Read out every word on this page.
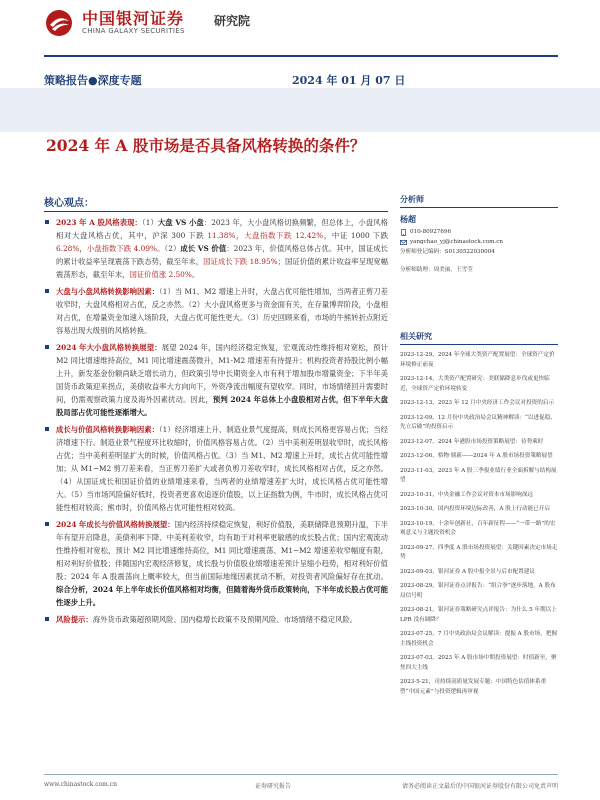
中国银河证券
CHINA GALAXY SECURITIES
研究院
策略报告●深度专题	2024 年 01 月 07 日
2024 年 A 股市场是否具备风格转换的条件？
核心观点：
2023 年 A 股风格表现：（1）大盘 VS 小盘：2023 年，大小盘风格切换频繁，但总体上，小盘风格相对大盘风格占优，其中，沪深 300 下跌 11.38%，大盘指数下跌 12.42%，中证 1000 下跌 6.28%，小盘指数下跌 4.09%。（2）成长 VS 价值：2023 年，价值风格总体占优。其中，国证成长的累计收益率呈现震荡下跌态势，截至年末，国证成长下跌 18.95%；国证价值的累计收益率呈现宽幅震荡形态，截至年末，国证价值涨 2.50%。
大盘与小盘风格转换影响因素：（1）当 M1、M2 增速上升时，大盘占优可能性增加，当两者正剪刀差收窄时，大盘风格相对占优，反之亦然。（2）大小盘风格更多与资金面有关，在存量博弈阶段，小盘相对占优，在增量资金加速入场阶段，大盘占优可能性更大。（3）历史回顾来看，市场的牛熊转折点附近容易出现大级别的风格转换。
2024 年大小盘风格转换展望：展望 2024 年，国内经济稳定恢复，宏观流动性维持相对宽松，预计 M2 同比增速维持高位，M1 同比增速震荡微升，M1-M2 增速差有待提升；机构投资者持股比例小幅上升，新发基金份额尚缺乏增长动力，但政策引导中长期资金入市有利于增加股市增量资金；下半年美国货币政策迎来拐点，美债收益率大方向向下，外资净流出幅度有望收窄。同时，市场情绪回升需要时间，仍需观察政策力度及海外因素扰动。因此，预判 2024 年总体上小盘股相对占优，但下半年大盘股局部占优可能性逐渐增大。
成长与价值风格转换影响因素：（1）经济增速上升、制造业景气度提高，则成长风格更容易占优；当经济增速下行、制造业景气程度环比收缩时，价值风格容易占优。（2）当中美利差明显收窄时，成长风格占优；当中美利差明显扩大的时候，价值风格占优。（3）当 M1、M2 增速上升时，成长占优可能性增加；从 M1−M2 剪刀差来看，当正剪刀差扩大或者负剪刀差收窄时，成长风格相对占优，反之亦然。（4）从国证成长和国证价值的业绩增速来看，当两者的业绩增速差扩大时，成长风格占优可能性增大。（5）当市场风险偏好低时，投资者更喜欢追逐价值股，以上证指数为例，牛市时，成长风格占优可能性相对较高；熊市时，价值风格占优可能性相对较高。
2024 年成长与价值风格转换展望：国内经济持续稳定恢复，利好价值股，美联储降息预期升温，下半年有望开启降息，美债利率下降、中美利差收窄，均有助于对利率更敏感的成长股占优；国内宏观流动性维持相对宽松，预计 M2 同比增速维持高位，M1 同比增速震荡、M1−M2 增速差收窄幅度有限，相对利好价值股；伴随国内宏观经济修复，成长股与价值股业绩增速差预计呈缩小趋势，相对利好价值股；2024 年 A 股震荡向上概率较大，但当前国际地缘因素扰动不断，对投资者风险偏好存在扰动。综合分析，2024 年上半年成长价值风格相对均衡，但随着海外货币政策转向，下半年成长股占优可能性逐步上升。
风险提示：海外货币政策超预期风险、国内稳增长政策不及预期风险、市场情绪不稳定风险。
分析师
杨超
010-80927696
yangchao_yj@chinastock.com.cn
分析师登记编码：S0130522030004
分析师助理：周美丽、王雪莹
相关研究
2023-12-29，2024 年全球大类资产配置展望：全球资产定价环境修正前夜
2023-12-14，大类资产配置研究：美联储降息步伐或更快临近，全球资产定价环境转变
2023-12-13，2023 年 12 月中央经济工作会议对投资的启示
2023-12-09，12 月份中央政治局会议精神解读：“以进促稳、先立后破”的投资启示
2023-12-07，2024 年港股市场投资策略展望：待势乘时
2023-12-06，格物·鼎新——2024 年 A 股市场投资策略展望
2023-11-03，2023 年 A 股三季报业绩行业全面拆解与结构展望
2023-10-31，中央金融工作会议对资本市场影响深远
2023-10-30，国内投资环境边际改善，A 股上行动能已开启
2023-10-19，十余年创新社，百年新征程——“一带一路”的宏观意义与主题投资机会
2023-09-27，四季度 A 股市场投资展望：关键因素决定市场走势
2023-09-03，银河证券 A 股中报全景与后市配置建议
2023-08-29，银河证券点评报告：“组合拳”逐步落地，A 股布局信号明
2023-08-21，银河证券策略研究点评报告：为什么 5 年期以上 LPR 没有调降？
2023-07-25，7 月中央政治局会议解读：提振 A 股市场，把握主线投资机会
2023-07-03，2023 年 A 股市场中期投资展望：时值新至，聚焦四大主线
2023-5-21，司持续高质量发展专题：中国特色估值体系重塑“中国元素”与投资逻辑再审视
www.chinastock.com.cn	证券研究报告	请务必阅读正文最后的中国银河证券股份有限公司免责声明
